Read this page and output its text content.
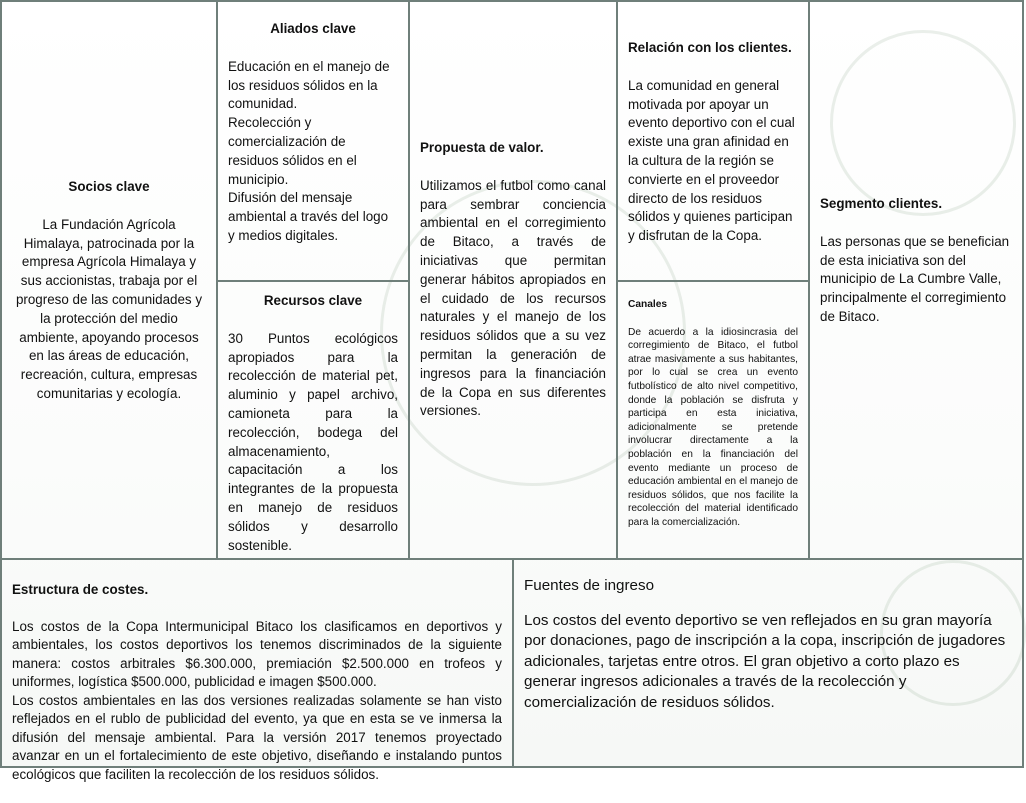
Socios clave
La Fundación Agrícola Himalaya, patrocinada por la empresa Agrícola Himalaya y sus accionistas, trabaja por el progreso de las comunidades y la protección del medio ambiente, apoyando procesos en las áreas de educación, recreación, cultura, empresas comunitarias y ecología.
Aliados clave
Educación en el manejo de los residuos sólidos en la comunidad.
Recolección y comercialización de residuos sólidos en el municipio.
Difusión del mensaje ambiental a través del logo y medios digitales.
Recursos clave
30 Puntos ecológicos apropiados para la recolección de material pet, aluminio y papel archivo, camioneta para la recolección, bodega del almacenamiento, capacitación a los integrantes de la propuesta en manejo de residuos sólidos y desarrollo sostenible.
Propuesta de valor.
Utilizamos el futbol como canal para sembrar conciencia ambiental en el corregimiento de Bitaco, a través de iniciativas que permitan generar hábitos apropiados en el cuidado de los recursos naturales y el manejo de los residuos sólidos que a su vez permitan la generación de ingresos para la financiación de la Copa en sus diferentes versiones.
Relación con los clientes.
La comunidad en general motivada por apoyar un evento deportivo con el cual existe una gran afinidad en la cultura de la región se convierte en el proveedor directo de los residuos sólidos y quienes participan y disfrutan de la Copa.
Canales
De acuerdo a la idiosincrasia del corregimiento de Bitaco, el futbol atrae masivamente a sus habitantes, por lo cual se crea un evento futbolístico de alto nivel competitivo, donde la población se disfruta y participa en esta iniciativa, adicionalmente se pretende involucrar directamente a la población en la financiación del evento mediante un proceso de educación ambiental en el manejo de residuos sólidos, que nos facilite la recolección del material identificado para la comercialización.
Segmento clientes.
Las personas que se benefician de esta iniciativa son del municipio de La Cumbre Valle, principalmente el corregimiento de Bitaco.

Estructura de costes.

Los costos de la Copa Intermunicipal Bitaco los clasificamos en deportivos y ambientales, los costos deportivos los tenemos discriminados de la siguiente manera: costos arbitrales $6.300.000, premiación $2.500.000 en trofeos y uniformes, logística $500.000, publicidad e imagen $500.000.
Los costos ambientales en las dos versiones realizadas solamente se han visto reflejados en el rublo de publicidad del evento, ya que en esta se ve inmersa la difusión del mensaje ambiental. Para la versión 2017 tenemos proyectado avanzar en un el fortalecimiento de este objetivo, diseñando e instalando puntos ecológicos que faciliten la recolección de los residuos sólidos.

Fuentes de ingreso
Los costos del evento deportivo se ven reflejados en su gran mayoría por donaciones, pago de inscripción a la copa, inscripción de jugadores adicionales, tarjetas entre otros. El gran objetivo a corto plazo es generar ingresos adicionales a través de la recolección y comercialización de residuos sólidos.
